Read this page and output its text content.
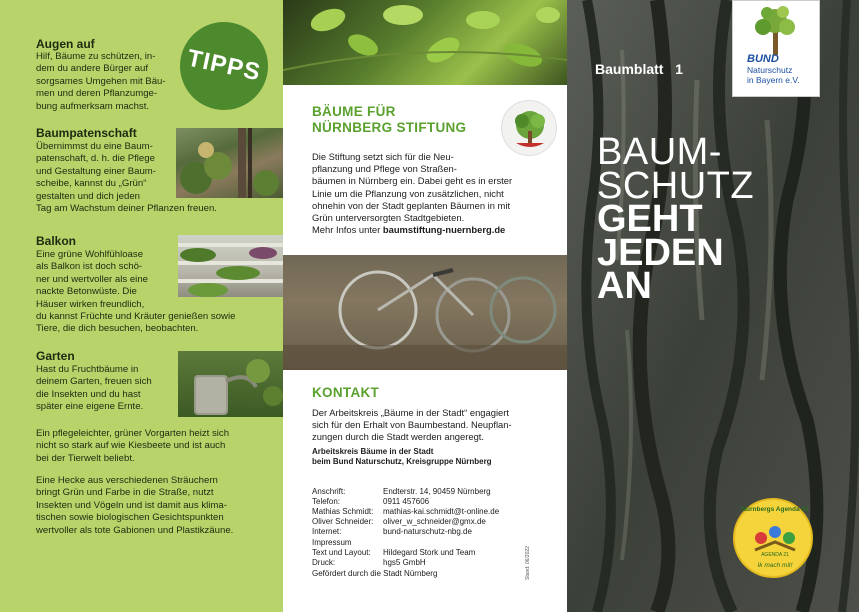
TIPPS
Augen auf
Hilf, Bäume zu schützen, in-
dem du andere Bürger auf
sorgsames Umgehen mit Bäu-
men und deren Pflanzumge-
bung aufmerksam machst.
Baumpatenschaft
Übernimmst du eine Baum-
patenschaft, d. h. die Pflege
und Gestaltung einer Baum-
scheibe, kannst du „Grün“
gestalten und dich jeden
Tag am Wachstum deiner Pflanzen freuen.
Balkon
Eine grüne Wohlfühloase
als Balkon ist doch schö-
ner und wertvoller als eine
nackte Betonwüste. Die
Häuser wirken freundlich,
du kannst Früchte und Kräuter genießen sowie
Tiere, die dich besuchen, beobachten.
Garten
Hast du Fruchtbäume in
deinem Garten, freuen sich
die Insekten und du hast
später eine eigene Ernte.
Ein pflegeleichter, grüner Vorgarten heizt sich
nicht so stark auf wie Kiesbeete und ist auch
bei der Tierwelt beliebt.
Eine Hecke aus verschiedenen Sträuchern
bringt Grün und Farbe in die Straße, nutzt
Insekten und Vögeln und ist damit aus klima-
tischen sowie biologischen Gesichtspunkten
wertvoller als tote Gabionen und Plastikzäune.
BÄUME FÜR
NÜRNBERG STIFTUNG
Die Stiftung setzt sich für die Neu-
pflanzung und Pflege von Straßen-
bäumen in Nürnberg ein. Dabei geht es in erster
Linie um die Pflanzung von zusätzlichen, nicht
ohnehin von der Stadt geplanten Bäumen in mit
Grün unterversorgten Stadtgebieten.
Mehr Infos unter baumstiftung-nuernberg.de
KONTAKT
Der Arbeitskreis „Bäume in der Stadt“ engagiert
sich für den Erhalt von Baumbestand. Neupflan-
zungen durch die Stadt werden angeregt.
Arbeitskreis Bäume in der Stadt
beim Bund Naturschutz, Kreisgruppe Nürnberg
Anschrift:
Telefon:
Mathias Schmidt:
Oliver Schneider:
Internet:
Endterstr. 14, 90459 Nürnberg
0911 457606
mathias-kai.schmidt@t-online.de
oliver_w_schneider@gmx.de
bund-naturschutz-nbg.de
Impressum
Text und Layout:
Druck:
Hildegard Stork und Team
hgs5 GmbH
Gefördert durch die Stadt Nürnberg	Stand: 06/2022
Baumblatt 1
BUND
Naturschutz
in Bayern e.V.
BAUM-
SCHUTZ
GEHT
JEDEN
AN
Nürnbergs Agenda 21
AGENDA 21
Ik mach mit!
